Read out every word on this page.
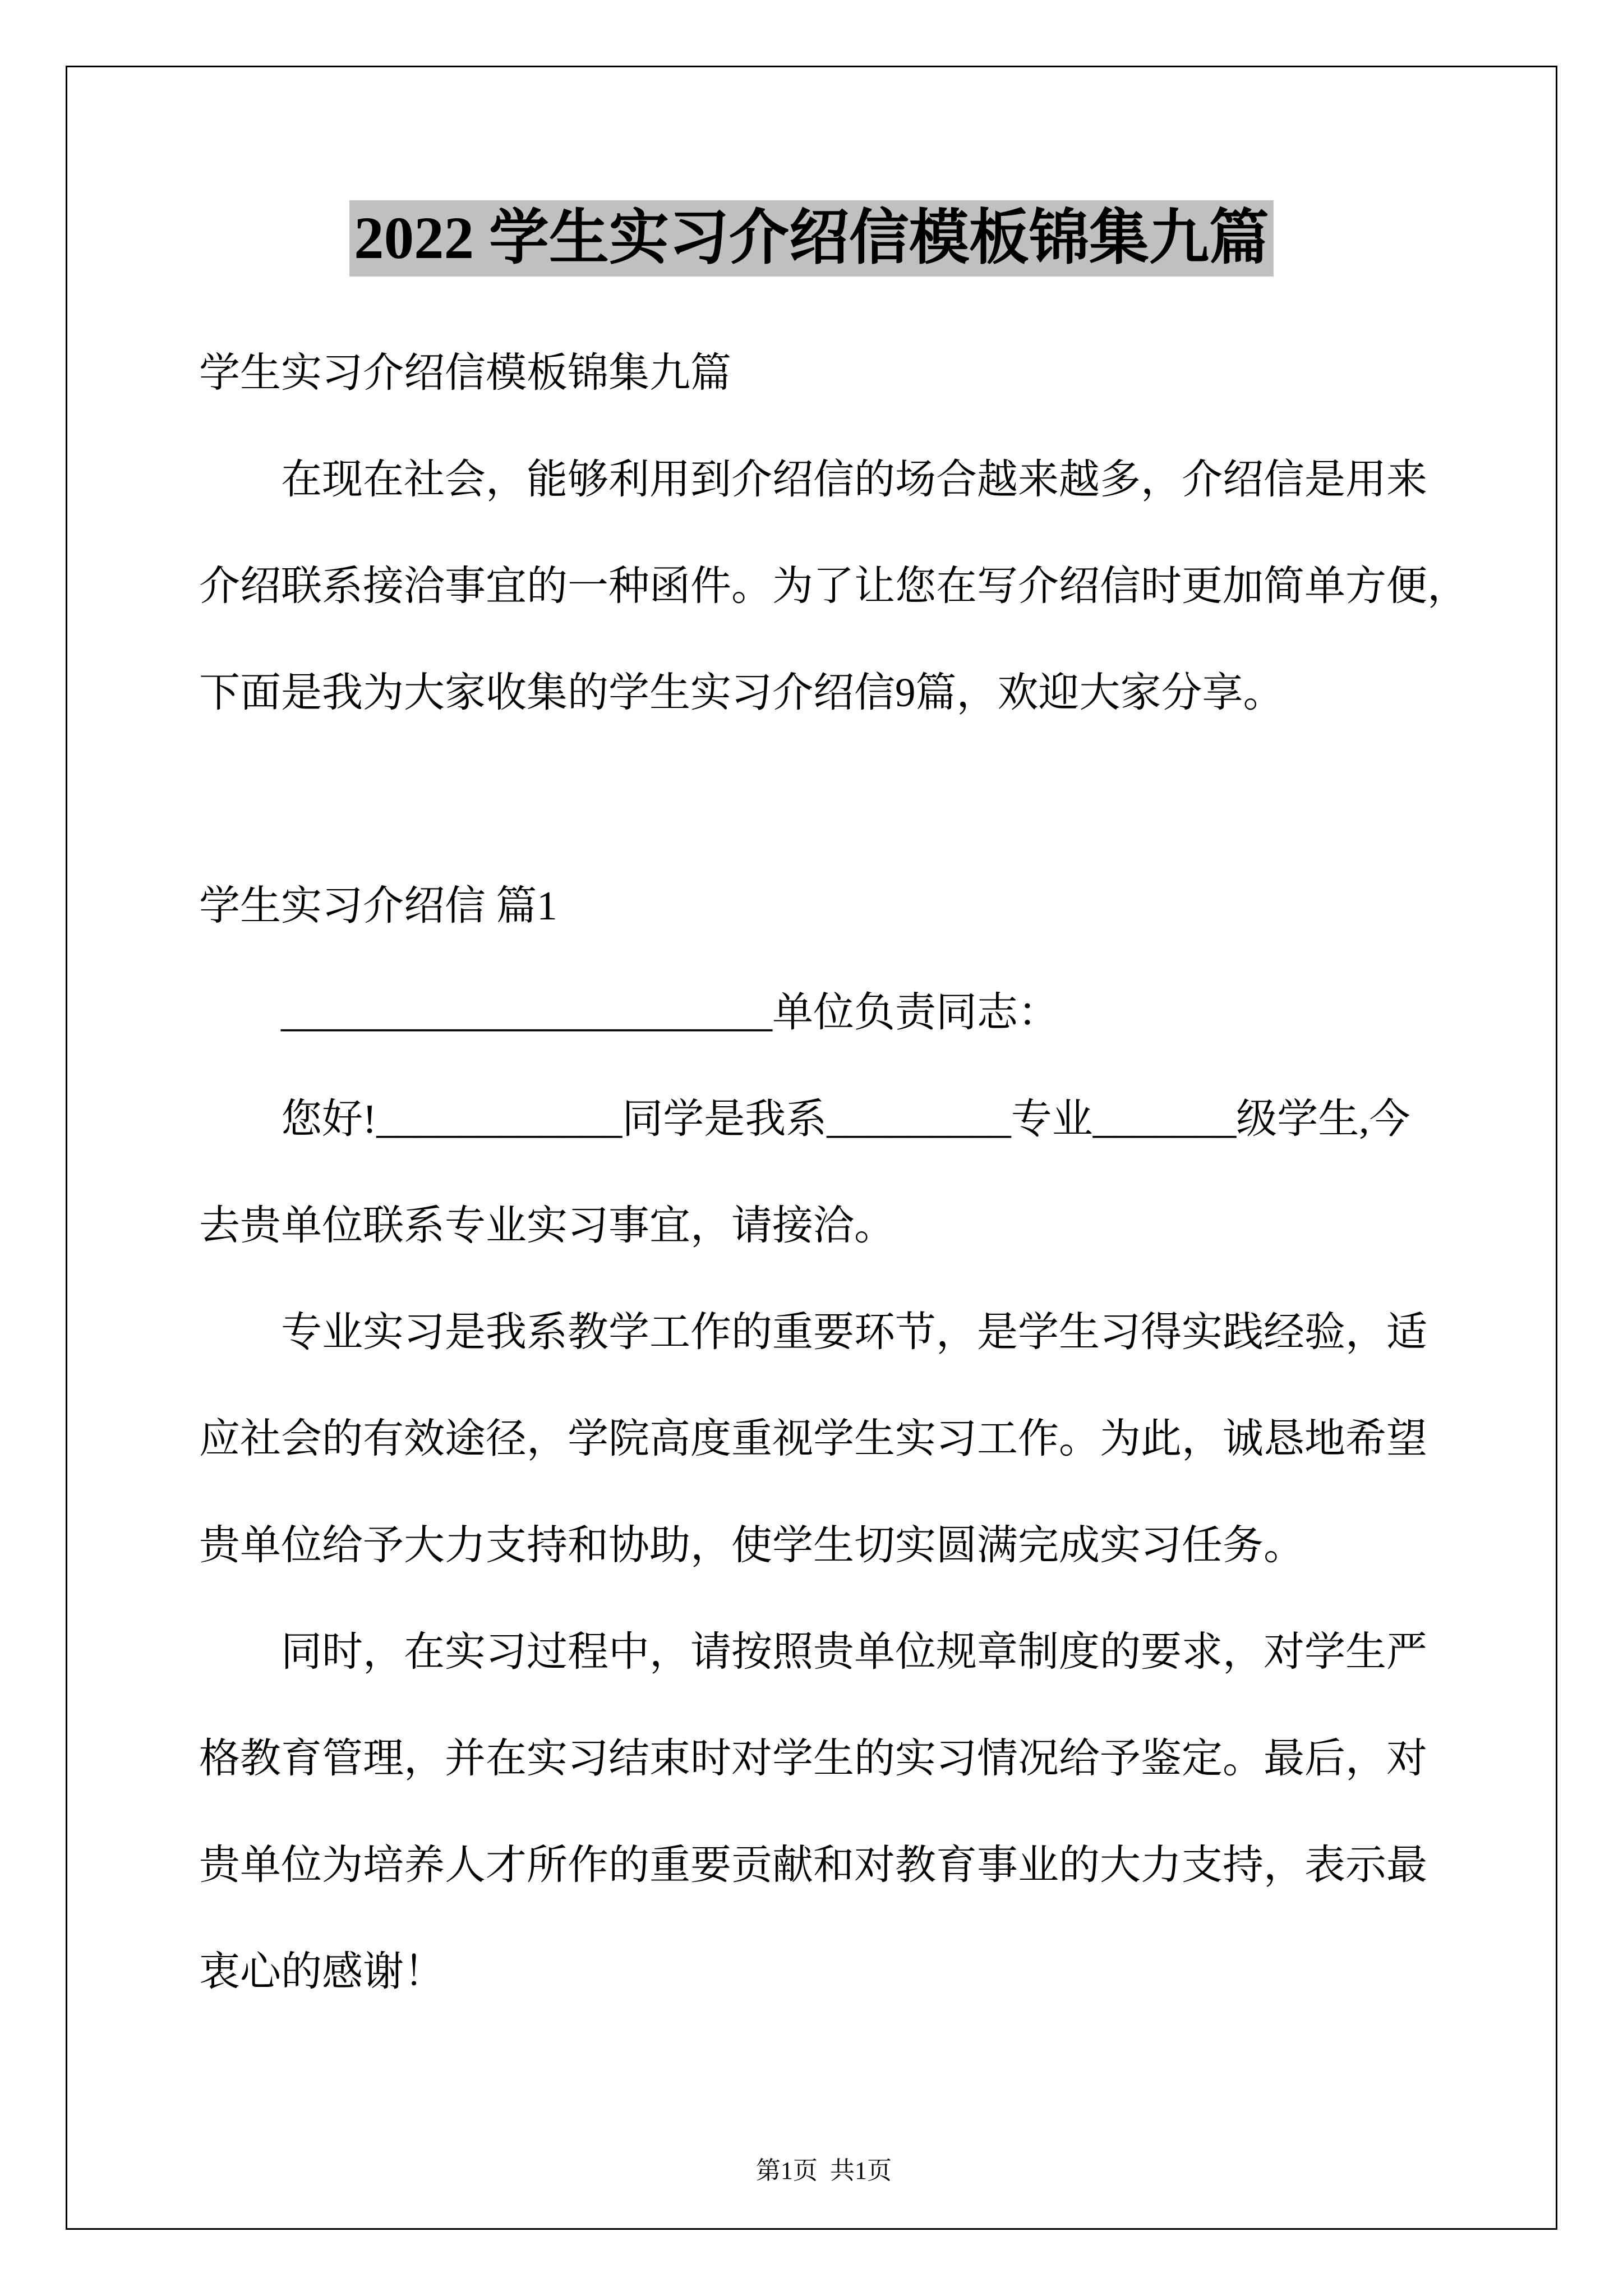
2022 学生实习介绍信模板锦集九篇
学生实习介绍信模板锦集九篇
在现在社会，能够利用到介绍信的场合越来越多，介绍信是用来
介绍联系接洽事宜的一种函件。为了让您在写介绍信时更加简单方便，
下面是我为大家收集的学生实习介绍信9篇，欢迎大家分享。
学生实习介绍信 篇1
________________________单位负责同志：
您好!____________同学是我系_________专业_______级学生,今
去贵单位联系专业实习事宜，请接洽。
专业实习是我系教学工作的重要环节，是学生习得实践经验，适
应社会的有效途径，学院高度重视学生实习工作。为此，诚恳地希望
贵单位给予大力支持和协助，使学生切实圆满完成实习任务。
同时，在实习过程中，请按照贵单位规章制度的要求，对学生严
格教育管理，并在实习结束时对学生的实习情况给予鉴定。最后，对
贵单位为培养人才所作的重要贡献和对教育事业的大力支持，表示最
衷心的感谢！

第1页  共1页
